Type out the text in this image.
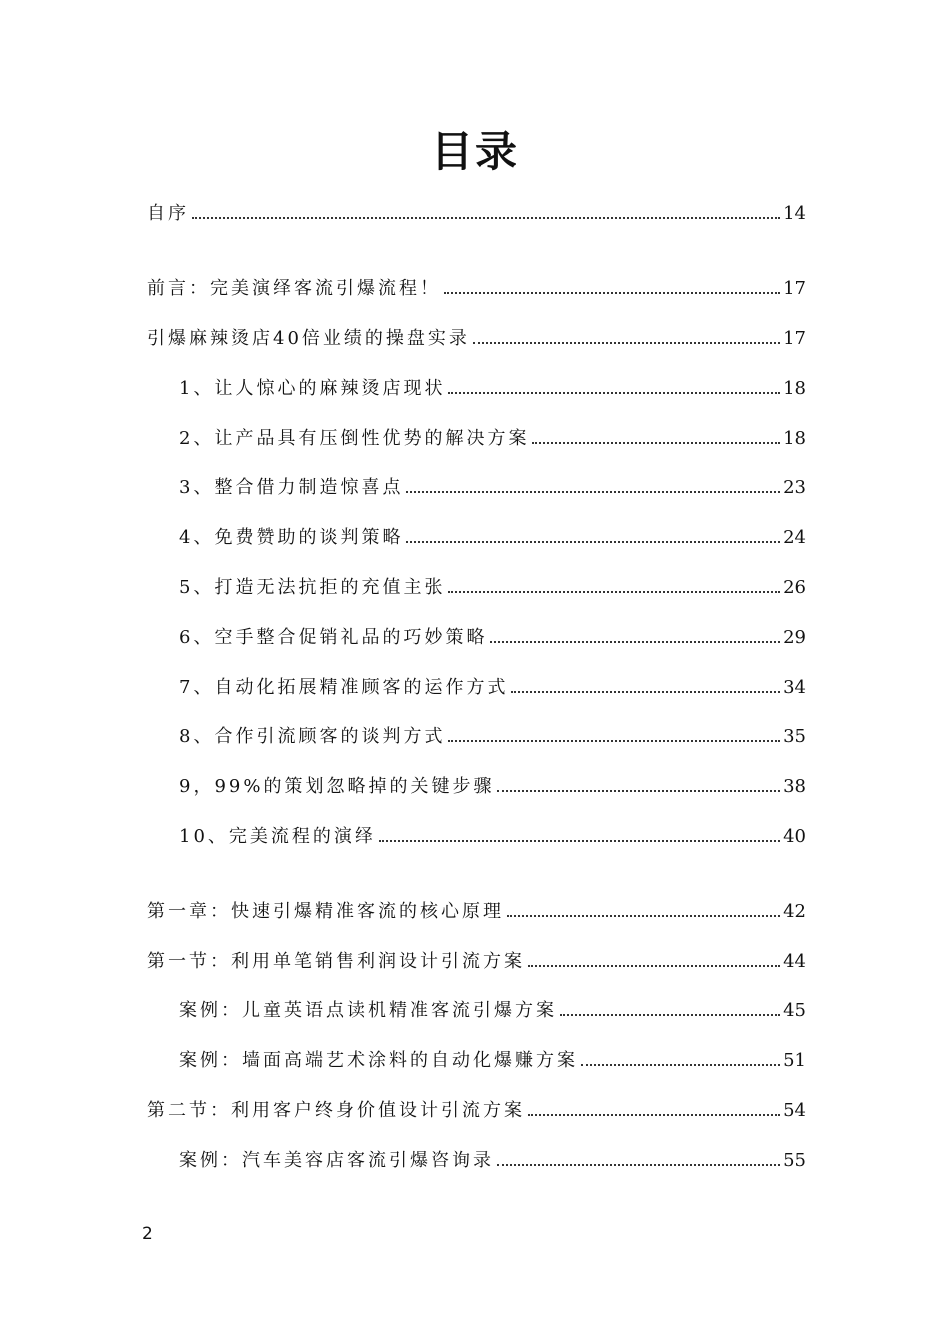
目录
自序	14
前言：完美演绎客流引爆流程！	17
引爆麻辣烫店40倍业绩的操盘实录	17
1、让人惊心的麻辣烫店现状	18
2、让产品具有压倒性优势的解决方案	18
3、整合借力制造惊喜点	23
4、免费赞助的谈判策略	24
5、打造无法抗拒的充值主张	26
6、空手整合促销礼品的巧妙策略	29
7、自动化拓展精准顾客的运作方式	34
8、合作引流顾客的谈判方式	35
9，99%的策划忽略掉的关键步骤	38
10、完美流程的演绎	40
第一章：快速引爆精准客流的核心原理	42
第一节：利用单笔销售利润设计引流方案	44
案例：儿童英语点读机精准客流引爆方案	45
案例：墙面高端艺术涂料的自动化爆赚方案	51
第二节：利用客户终身价值设计引流方案	54
案例：汽车美容店客流引爆咨询录	55
2
